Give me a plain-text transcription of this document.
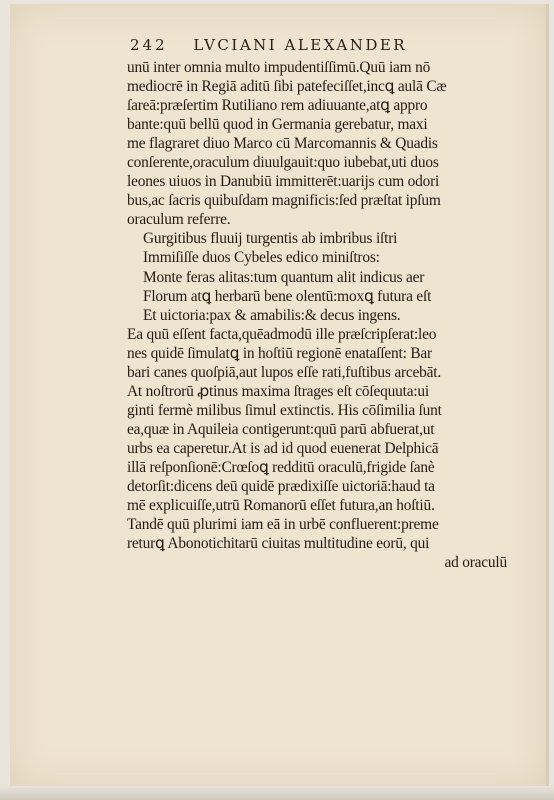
242 LVCIANI ALEXANDER
unū inter omnia multo impudentiſſimū.Quū iam nō
mediocrē in Regiā aditū ſibi patefeciſſet,incꝗ aulā Cæ
ſareā:præſertim Rutiliano rem adiuuante,atꝗ appro
bante:quū bellū quod in Germania gerebatur, maxi
me flagraret diuo Marco cū Marcomannis & Quadis
conſerente,oraculum diuulgauit:quo iubebat,uti duos
leones uiuos in Danubiū immitterēt:uarijs cum odori
bus,ac ſacris quibuſdam magnificis:ſed præſtat ipſum
oraculum referre.
Gurgitibus fluuij turgentis ab imbribus iſtri
Immiſiſſe duos Cybeles edico miniſtros:
Monte feras alitas:tum quantum alit indicus aer
Florum atꝗ herbarū bene olentū:moxꝗ futura eſt
Et uictoria:pax & amabilis:& decus ingens.
Ea quū eſſent facta,quēadmodū ille præſcripſerat:leo
nes quidē ſimulatꝗ in hoſtiū regionē enataſſent: Bar
bari canes quoſpiā,aut lupos eſſe rati,fuſtibus arcebāt.
At noſtrorū ꝓtinus maxima ſtrages eſt cōſequuta:ui
ginti fermè milibus ſimul extinctis. His cōſimilia ſunt
ea,quæ in Aquileia contigerunt:quū parū abfuerat,ut
urbs ea caperetur.At is ad id quod euenerat Delphicā
illā reſponſionē:Crœſoꝗ redditū oraculū,frigide ſanè
detorſit:dicens deū quidē prædixiſſe uictoriā:haud ta
mē explicuiſſe,utrū Romanorū eſſet futura,an hoſtiū.
Tandē quū plurimi iam eā in urbē confluerent:preme
returꝗ Abonotichitarū ciuitas multitudine eorū, qui
ad oraculū
